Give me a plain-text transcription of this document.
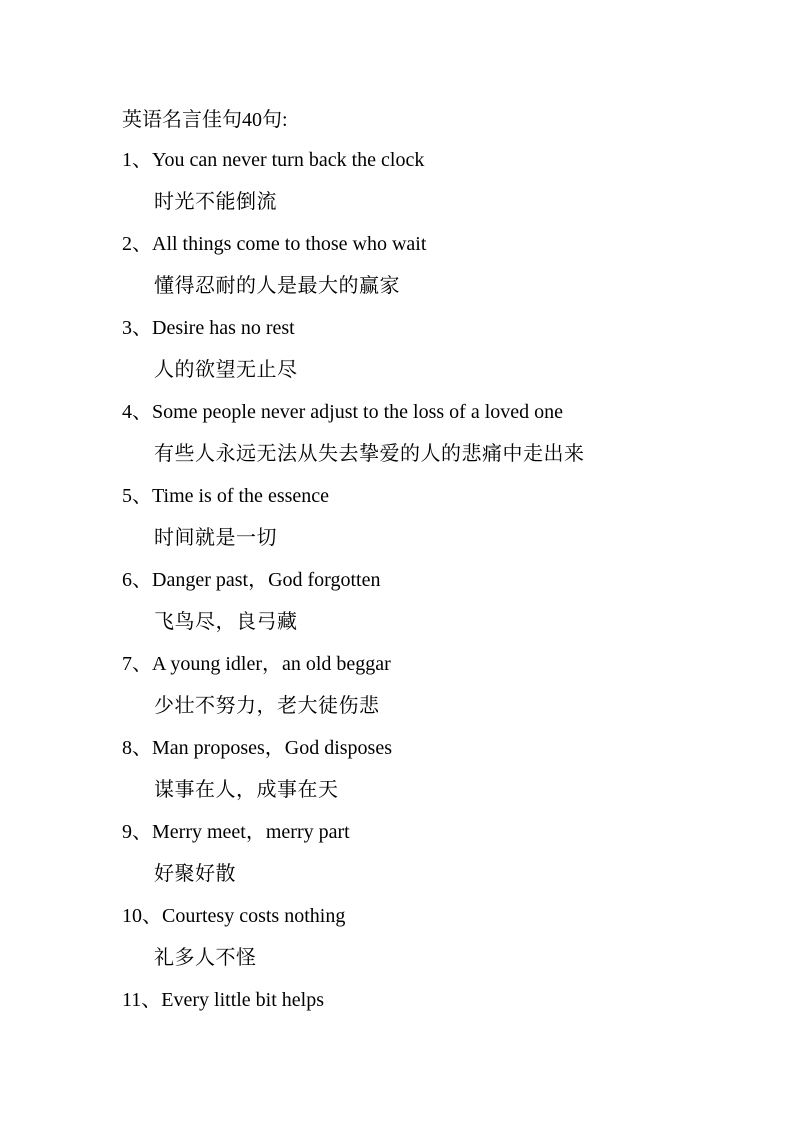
英语名言佳句40句:
1、You can never turn back the clock
时光不能倒流
2、All things come to those who wait
懂得忍耐的人是最大的赢家
3、Desire has no rest
人的欲望无止尽
4、Some people never adjust to the loss of a loved one
有些人永远无法从失去挚爱的人的悲痛中走出来
5、Time is of the essence
时间就是一切
6、Danger past，God forgotten
飞鸟尽，良弓藏
7、A young idler，an old beggar
少壮不努力，老大徒伤悲
8、Man proposes，God disposes
谋事在人，成事在天
9、Merry meet，merry part
好聚好散
10、Courtesy costs nothing
礼多人不怪
11、Every little bit helps
